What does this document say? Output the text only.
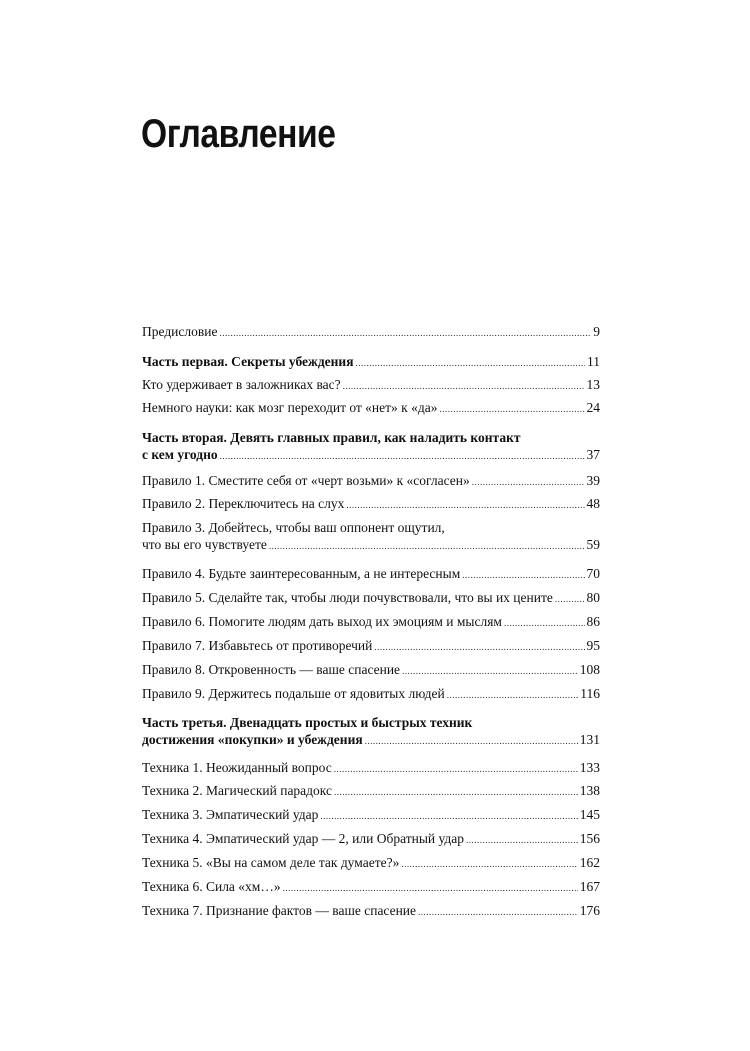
Оглавление
Предисловие .....	9
Часть первая. Секреты убеждения .....	11
Кто удерживает в заложниках вас? .....	13
Немного науки: как мозг переходит от «нет» к «да» .....	24
Часть вторая. Девять главных правил, как наладить контакт
с кем угодно .....	37
Правило 1. Сместите себя от «черт возьми» к «согласен» .....	39
Правило 2. Переключитесь на слух .....	48
Правило 3. Добейтесь, чтобы ваш оппонент ощутил,
что вы его чувствуете .....	59
Правило 4. Будьте заинтересованным, а не интересным .....	70
Правило 5. Сделайте так, чтобы люди почувствовали, что вы их цените ..... 80
Правило 6. Помогите людям дать выход их эмоциям и мыслям .....	86
Правило 7. Избавьтесь от противоречий .....	95
Правило 8. Откровенность — ваше спасение .....	108
Правило 9. Держитесь подальше от ядовитых людей .....	116
Часть третья. Двенадцать простых и быстрых техник
достижения «покупки» и убеждения .....	131
Техника 1. Неожиданный вопрос .....	133
Техника 2. Магический парадокс .....	138
Техника 3. Эмпатический удар .....	145
Техника 4. Эмпатический удар — 2, или Обратный удар .....	156
Техника 5. «Вы на самом деле так думаете?» .....	162
Техника 6. Сила «хм…» .....	167
Техника 7. Признание фактов — ваше спасение .....	176
